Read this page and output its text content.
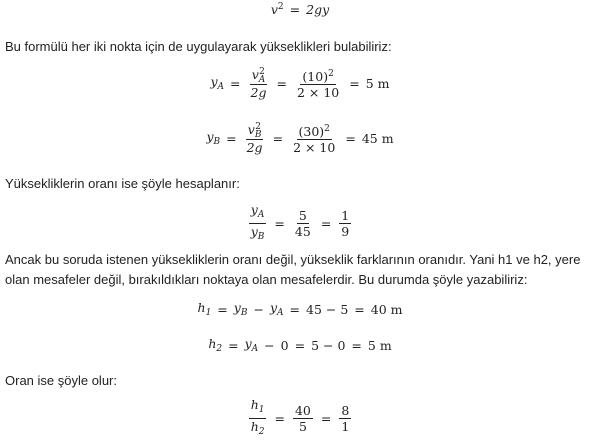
$v^2 = 2gy$
Bu formülü her iki nokta için de uygulayarak yükseklikleri bulabiliriz:
$y_A = v$ 2
A
$2g = \frac{(10)^2}{2 \times 10} = 5$ m
$y_B = v$ 2
B
$2g = \frac{(30)^2}{2 \times 10} = 45$ m
Yüksekliklerin oranı ise şöyle hesaplanır:
$\frac{y_A}{y_B} = \frac{5}{45} = \frac{1}{9}$
Ancak bu soruda istenen yüksekliklerin oranı değil, yükseklik farklarının oranıdır. Yani h1 ve h2, yere olan mesafeler değil, bırakıldıkları noktaya olan mesafelerdir. Bu durumda şöyle yazabiliriz:
$h_1 = y_B - y_A = 45 - 5 = 40$ m
$h_2 = y_A - 0 = 5 - 0 = 5$ m
Oran ise şöyle olur:
$\frac{h_1}{h_2} = \frac{40}{5} = \frac{8}{1}$
